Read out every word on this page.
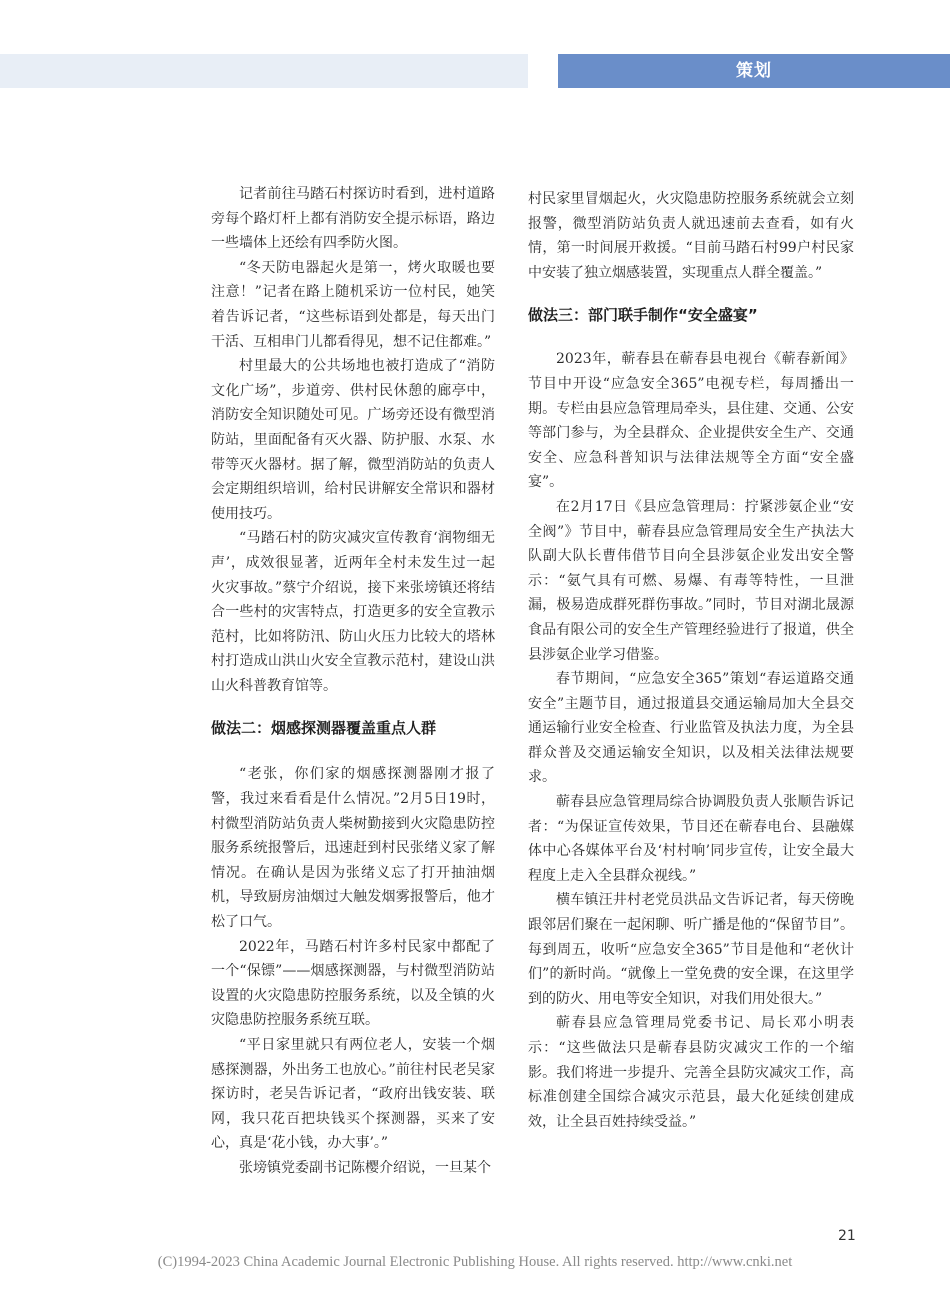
策划

记者前往马踏石村探访时看到，进村道路旁每个路灯杆上都有消防安全提示标语，路边一些墙体上还绘有四季防火图。

“冬天防电器起火是第一，烤火取暖也要注意！”记者在路上随机采访一位村民，她笑着告诉记者，“这些标语到处都是，每天出门干活、互相串门儿都看得见，想不记住都难。”

村里最大的公共场地也被打造成了“消防文化广场”，步道旁、供村民休憩的廊亭中，消防安全知识随处可见。广场旁还设有微型消防站，里面配备有灭火器、防护服、水泵、水带等灭火器材。据了解，微型消防站的负责人会定期组织培训，给村民讲解安全常识和器材使用技巧。

“马踏石村的防灾减灾宣传教育‘润物细无声’，成效很显著，近两年全村未发生过一起火灾事故。”蔡宁介绍说，接下来张塝镇还将结合一些村的灾害特点，打造更多的安全宣教示范村，比如将防汛、防山火压力比较大的塔林村打造成山洪山火安全宣教示范村，建设山洪山火科普教育馆等。

做法二：烟感探测器覆盖重点人群

“老张，你们家的烟感探测器刚才报了警，我过来看看是什么情况。”2月5日19时，村微型消防站负责人柴树勤接到火灾隐患防控服务系统报警后，迅速赶到村民张绪义家了解情况。在确认是因为张绪义忘了打开抽油烟机，导致厨房油烟过大触发烟雾报警后，他才松了口气。

2022年，马踏石村许多村民家中都配了一个“保镖”——烟感探测器，与村微型消防站设置的火灾隐患防控服务系统，以及全镇的火灾隐患防控服务系统互联。

“平日家里就只有两位老人，安装一个烟感探测器，外出务工也放心。”前往村民老吴家探访时，老吴告诉记者，“政府出钱安装、联网，我只花百把块钱买个探测器，买来了安心，真是‘花小钱，办大事’。”

张塝镇党委副书记陈樱介绍说，一旦某个

村民家里冒烟起火，火灾隐患防控服务系统就会立刻报警，微型消防站负责人就迅速前去查看，如有火情，第一时间展开救援。“目前马踏石村99户村民家中安装了独立烟感装置，实现重点人群全覆盖。”

做法三：部门联手制作“安全盛宴”

2023年，蕲春县在蕲春县电视台《蕲春新闻》节目中开设“应急安全365”电视专栏，每周播出一期。专栏由县应急管理局牵头，县住建、交通、公安等部门参与，为全县群众、企业提供安全生产、交通安全、应急科普知识与法律法规等全方面“安全盛宴”。

在2月17日《县应急管理局：拧紧涉氨企业“安全阀”》节目中，蕲春县应急管理局安全生产执法大队副大队长曹伟借节目向全县涉氨企业发出安全警示：“氨气具有可燃、易爆、有毒等特性，一旦泄漏，极易造成群死群伤事故。”同时，节目对湖北晟源食品有限公司的安全生产管理经验进行了报道，供全县涉氨企业学习借鉴。

春节期间，“应急安全365”策划“春运道路交通安全”主题节目，通过报道县交通运输局加大全县交通运输行业安全检查、行业监管及执法力度，为全县群众普及交通运输安全知识，以及相关法律法规要求。

蕲春县应急管理局综合协调股负责人张顺告诉记者：“为保证宣传效果，节目还在蕲春电台、县融媒体中心各媒体平台及‘村村响’同步宣传，让安全最大程度上走入全县群众视线。”

横车镇汪井村老党员洪品文告诉记者，每天傍晚跟邻居们聚在一起闲聊、听广播是他的“保留节目”。每到周五，收听“应急安全365”节目是他和“老伙计们”的新时尚。“就像上一堂免费的安全课，在这里学到的防火、用电等安全知识，对我们用处很大。”

蕲春县应急管理局党委书记、局长邓小明表示：“这些做法只是蕲春县防灾减灾工作的一个缩影。我们将进一步提升、完善全县防灾减灾工作，高标准创建全国综合减灾示范县，最大化延续创建成效，让全县百姓持续受益。”

21
(C)1994-2023 China Academic Journal Electronic Publishing House. All rights reserved. http://www.cnki.net
